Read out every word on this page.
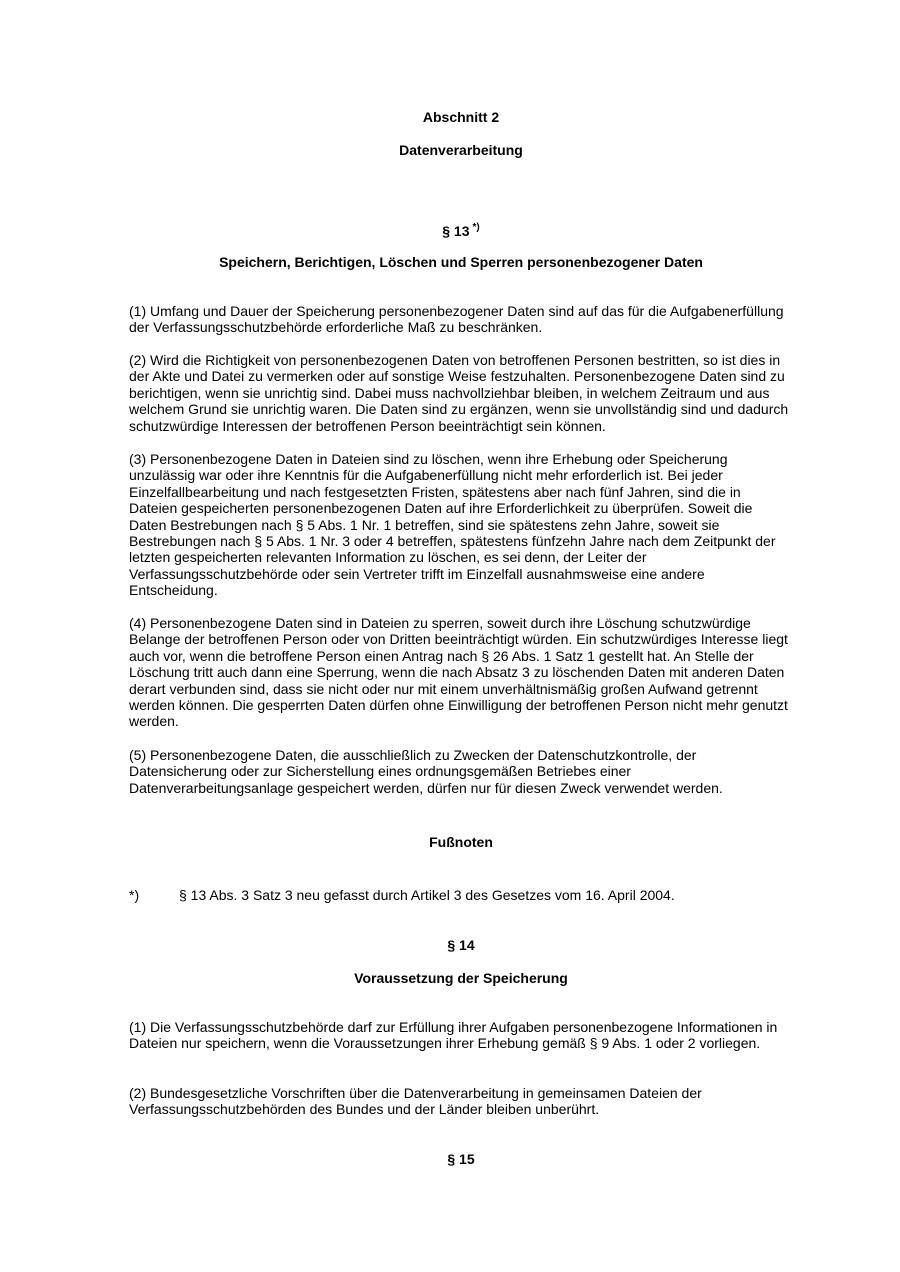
Abschnitt 2
Datenverarbeitung
§ 13 *)
Speichern, Berichtigen, Löschen und Sperren personenbezogener Daten
(1) Umfang und Dauer der Speicherung personenbezogener Daten sind auf das für die Aufgabenerfüllung der Verfassungsschutzbehörde erforderliche Maß zu beschränken.
(2) Wird die Richtigkeit von personenbezogenen Daten von betroffenen Personen bestritten, so ist dies in der Akte und Datei zu vermerken oder auf sonstige Weise festzuhalten. Personenbezogene Daten sind zu berichtigen, wenn sie unrichtig sind. Dabei muss nachvollziehbar bleiben, in welchem Zeitraum und aus welchem Grund sie unrichtig waren. Die Daten sind zu ergänzen, wenn sie unvollständig sind und dadurch schutzwürdige Interessen der betroffenen Person beeinträchtigt sein können.
(3) Personenbezogene Daten in Dateien sind zu löschen, wenn ihre Erhebung oder Speicherung unzulässig war oder ihre Kenntnis für die Aufgabenerfüllung nicht mehr erforderlich ist. Bei jeder Einzelfallbearbeitung und nach festgesetzten Fristen, spätestens aber nach fünf Jahren, sind die in Dateien gespeicherten personenbezogenen Daten auf ihre Erforderlichkeit zu überprüfen. Soweit die Daten Bestrebungen nach § 5 Abs. 1 Nr. 1 betreffen, sind sie spätestens zehn Jahre, soweit sie Bestrebungen nach § 5 Abs. 1 Nr. 3 oder 4 betreffen, spätestens fünfzehn Jahre nach dem Zeitpunkt der letzten gespeicherten relevanten Information zu löschen, es sei denn, der Leiter der Verfassungsschutzbehörde oder sein Vertreter trifft im Einzelfall ausnahmsweise eine andere Entscheidung.
(4) Personenbezogene Daten sind in Dateien zu sperren, soweit durch ihre Löschung schutzwürdige Belange der betroffenen Person oder von Dritten beeinträchtigt würden. Ein schutzwürdiges Interesse liegt auch vor, wenn die betroffene Person einen Antrag nach § 26 Abs. 1 Satz 1 gestellt hat. An Stelle der Löschung tritt auch dann eine Sperrung, wenn die nach Absatz 3 zu löschenden Daten mit anderen Daten derart verbunden sind, dass sie nicht oder nur mit einem unverhältnismäßig großen Aufwand getrennt werden können. Die gesperrten Daten dürfen ohne Einwilligung der betroffenen Person nicht mehr genutzt werden.
(5) Personenbezogene Daten, die ausschließlich zu Zwecken der Datenschutzkontrolle, der Datensicherung oder zur Sicherstellung eines ordnungsgemäßen Betriebes einer Datenverarbeitungsanlage gespeichert werden, dürfen nur für diesen Zweck verwendet werden.
Fußnoten
*)	§ 13 Abs. 3 Satz 3 neu gefasst durch Artikel 3 des Gesetzes vom 16. April 2004.
§ 14
Voraussetzung der Speicherung
(1) Die Verfassungsschutzbehörde darf zur Erfüllung ihrer Aufgaben personenbezogene Informationen in Dateien nur speichern, wenn die Voraussetzungen ihrer Erhebung gemäß § 9 Abs. 1 oder 2 vorliegen.
(2) Bundesgesetzliche Vorschriften über die Datenverarbeitung in gemeinsamen Dateien der Verfassungsschutzbehörden des Bundes und der Länder bleiben unberührt.
§ 15
